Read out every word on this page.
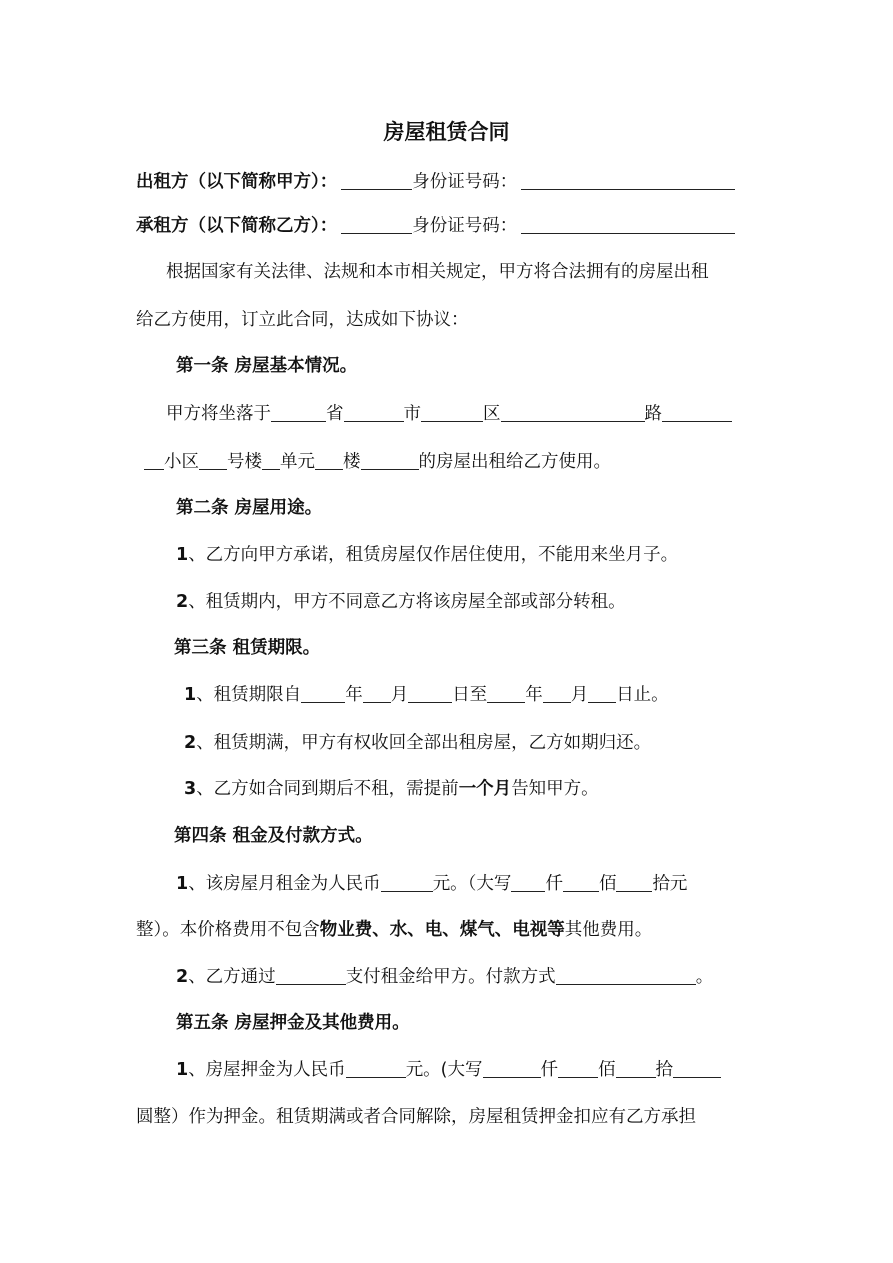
房屋租赁合同
出租方（以下简称甲方）：	身份证号码：
承租方（以下简称乙方）：	身份证号码：
根据国家有关法律、法规和本市相关规定，甲方将合法拥有的房屋出租
给乙方使用，订立此合同，达成如下协议：
第一条 房屋基本情况。
甲方将坐落于	省	市	区	路
小区 号楼 单元 楼	的房屋出租给乙方使用。
第二条 房屋用途。
1、乙方向甲方承诺，租赁房屋仅作居住使用，不能用来坐月子。
2、租赁期内，甲方不同意乙方将该房屋全部或部分转租。
第三条 租赁期限。
1、租赁期限自	年 月	日至 年 月 日止。
2、租赁期满，甲方有权收回全部出租房屋，乙方如期归还。
3、乙方如合同到期后不租，需提前一个月告知甲方。
第四条 租金及付款方式。
1、该房屋月租金为人民币	元。（大写 仟 佰 拾元
整）。本价格费用不包含物业费、水、电、煤气、电视等其他费用。
2、乙方通过	支付租金给甲方。付款方式	。
第五条 房屋押金及其他费用。
1、房屋押金为人民币	元。(大写	仟 佰 拾
圆整）作为押金。租赁期满或者合同解除，房屋租赁押金扣应有乙方承担
